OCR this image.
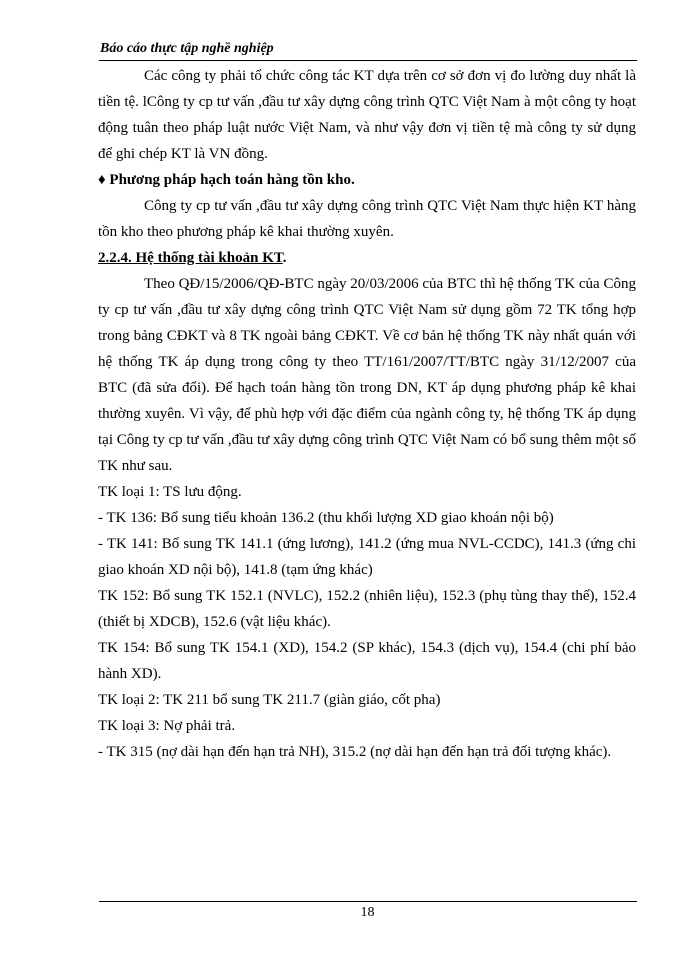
Báo cáo thực tập nghề nghiệp

Các công ty phải tổ chức công tác KT dựa trên cơ sở đơn vị đo lường duy nhất là tiền tệ. lCông ty cp tư vấn ,đầu tư xây dựng công trình QTC Việt Nam à một công ty hoạt động tuân theo pháp luật nước Việt Nam, và như vậy đơn vị tiền tệ mà công ty sử dụng để ghi chép KT là VN đồng.

♦ Phương pháp hạch toán hàng tồn kho.

Công ty cp tư vấn ,đầu tư xây dựng công trình QTC Việt Nam thực hiện KT hàng tồn kho theo phương pháp kê khai thường xuyên.

2.2.4. Hệ thống tài khoản KT.

Theo QĐ/15/2006/QĐ-BTC ngày 20/03/2006 của BTC thì hệ thống TK của Công ty cp tư vấn ,đầu tư xây dựng công trình QTC Việt Nam sử dụng gồm 72 TK tổng hợp trong bảng CĐKT và 8 TK ngoài bảng CĐKT. Về cơ bản hệ thống TK này nhất quán với hệ thống TK áp dụng trong công ty theo TT/161/2007/TT/BTC ngày 31/12/2007 của BTC (đã sửa đổi). Để hạch toán hàng tồn trong DN, KT áp dụng phương pháp kê khai thường xuyên. Vì vậy, để phù hợp với đặc điểm của ngành công ty, hệ thống TK áp dụng tại Công ty cp tư vấn ,đầu tư xây dựng công trình QTC Việt Nam có bổ sung thêm một số TK như sau.

TK loại 1: TS lưu động.

- TK 136: Bổ sung tiểu khoản 136.2 (thu khối lượng XD giao khoán nội bộ)

- TK 141: Bổ sung TK 141.1 (ứng lương), 141.2 (ứng mua NVL-CCDC), 141.3 (ứng chi giao khoán XD nội bộ), 141.8 (tạm ứng khác)

TK 152: Bổ sung TK 152.1 (NVLC), 152.2 (nhiên liệu), 152.3 (phụ tùng thay thế), 152.4 (thiết bị XDCB), 152.6 (vật liệu khác).

TK 154: Bổ sung TK 154.1 (XD), 154.2 (SP khác), 154.3 (dịch vụ), 154.4 (chi phí bảo hành XD).

TK loại 2: TK 211 bổ sung TK 211.7 (giàn giáo, cốt pha)

TK loại 3: Nợ phải trả.

- TK 315 (nợ dài hạn đến hạn trả NH), 315.2 (nợ dài hạn đến hạn trả đối tượng khác).

18
